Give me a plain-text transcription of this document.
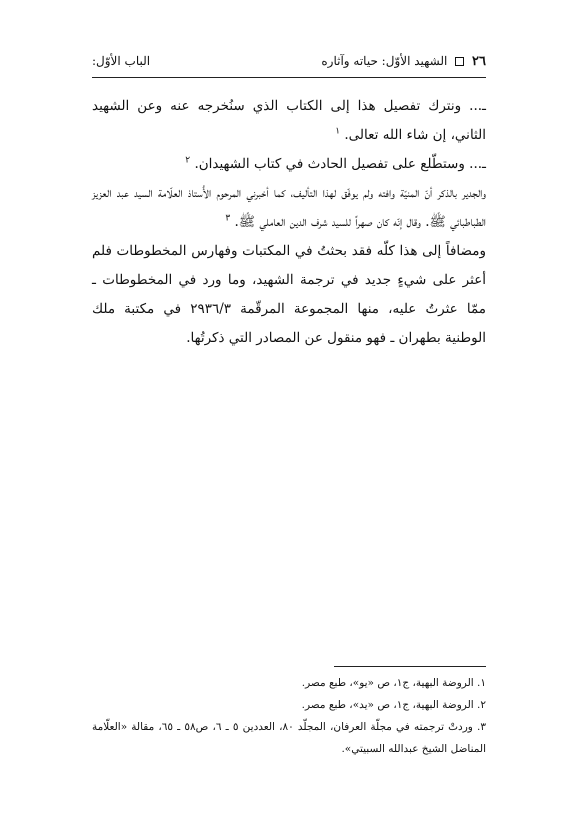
٢٦  الشهيد الأوّل: حياته وآثاره
الباب الأوّل:

ـ... ونترك تفصيل هذا إلى الكتاب الذي سنُخرجه عنه وعن الشهيد الثاني، إن شاء الله تعالى. $^١$

ـ... وستطّلع على تفصيل الحادث في كتاب الشهيدان. $^٢$

والجدير بالذكر أنّ المنيّة وافته ولم يوفّق لهذا التأليف، كما أخبرني المرحوم الأُستاذ العلّامة السيد عبد العزيز الطباطبائي ﷺ. وقال إنّه كان صهراً للسيد شرف الدين العاملي ﷺ. $^٣$

ومضافاً إلى هذا كلّه فقد بحثتُ في المكتبات وفهارس المخطوطات فلم أعثر على شيءٍ جديد في ترجمة الشهيد، وما ورد في المخطوطات ـ ممّا عثرتُ عليه، منها المجموعة المرقّمة ٢٩٣٦/٣ في مكتبة ملك الوطنية بطهران ـ فهو منقول عن المصادر التي ذكرتُها.

١. الروضة البهية، ج١، ص «يو»، طبع مصر.

٢. الروضة البهية، ج١، ص «يد»، طبع مصر.

٣. وردتْ ترجمته في مجلّة العرفان، المجلّد ٨٠، العددين ٥ ـ ٦، ص٥٨ ـ ٦٥، مقالة «العلّامة المناضل الشيخ عبدالله السبيتي».
